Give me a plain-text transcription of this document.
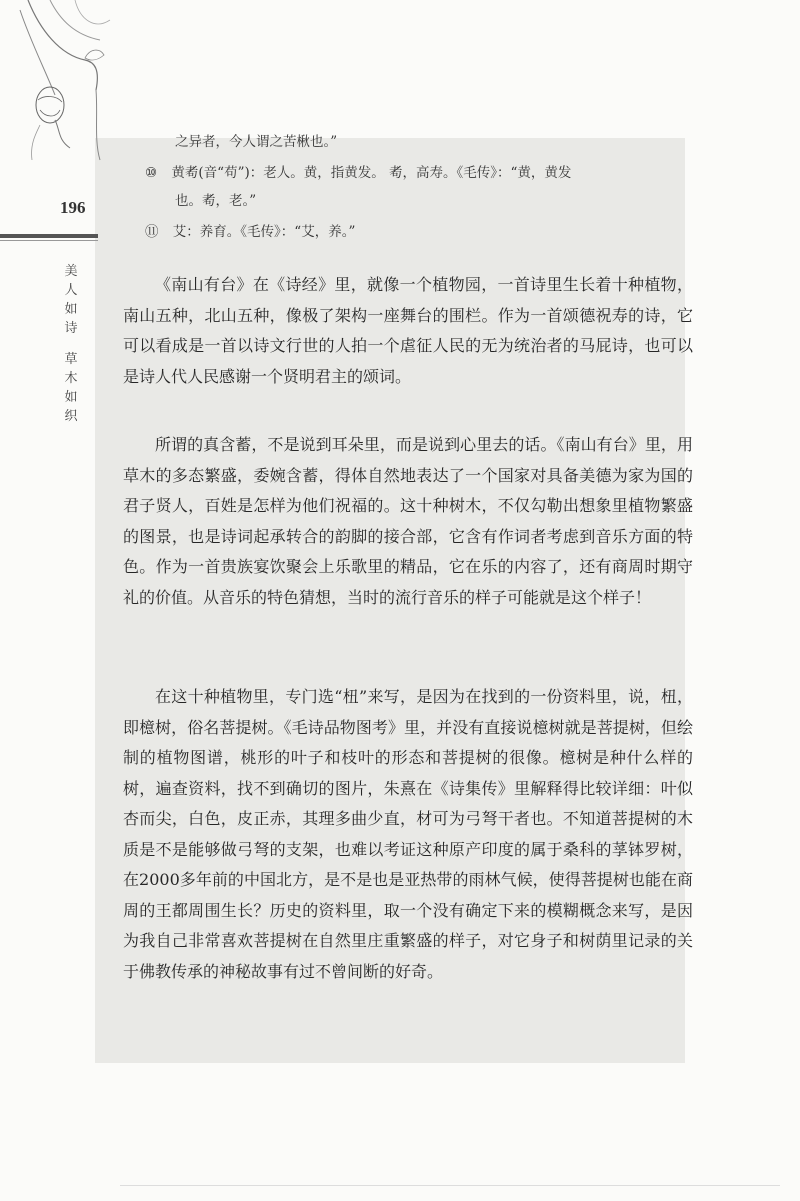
196
美
人
如
诗
草
木
如
织
之异者，今人谓之苦楸也。”
⑩ 黄耇(音“苟”)：老人。黄，指黄发。 耇，高寿。《毛传》：“黄，黄发
也。耇，老。”
⑪ 艾：养育。《毛传》：“艾，养。”

《南山有台》在《诗经》里，就像一个植物园，一首诗里生长着十种植物，南山五种，北山五种，像极了架构一座舞台的围栏。作为一首颂德祝寿的诗，它可以看成是一首以诗文行世的人拍一个虐征人民的无为统治者的马屁诗，也可以是诗人代人民感谢一个贤明君主的颂词。

所谓的真含蓄，不是说到耳朵里，而是说到心里去的话。《南山有台》里，用草木的多态繁盛，委婉含蓄，得体自然地表达了一个国家对具备美德为家为国的君子贤人，百姓是怎样为他们祝福的。这十种树木，不仅勾勒出想象里植物繁盛的图景，也是诗词起承转合的韵脚的接合部，它含有作词者考虑到音乐方面的特色。作为一首贵族宴饮聚会上乐歌里的精品，它在乐的内容了，还有商周时期守礼的价值。从音乐的特色猜想，当时的流行音乐的样子可能就是这个样子！

在这十种植物里，专门选“杻”来写，是因为在找到的一份资料里，说，杻，即檍树，俗名菩提树。《毛诗品物图考》里，并没有直接说檍树就是菩提树，但绘制的植物图谱，桃形的叶子和枝叶的形态和菩提树的很像。檍树是种什么样的树，遍查资料，找不到确切的图片，朱熹在《诗集传》里解释得比较详细：叶似杏而尖，白色，皮正赤，其理多曲少直，材可为弓弩干者也。不知道菩提树的木质是不是能够做弓弩的支架，也难以考证这种原产印度的属于桑科的莩钵罗树，在2000多年前的中国北方，是不是也是亚热带的雨林气候，使得菩提树也能在商周的王都周围生长？历史的资料里，取一个没有确定下来的模糊概念来写，是因为我自己非常喜欢菩提树在自然里庄重繁盛的样子，对它身子和树荫里记录的关于佛教传承的神秘故事有过不曾间断的好奇。
